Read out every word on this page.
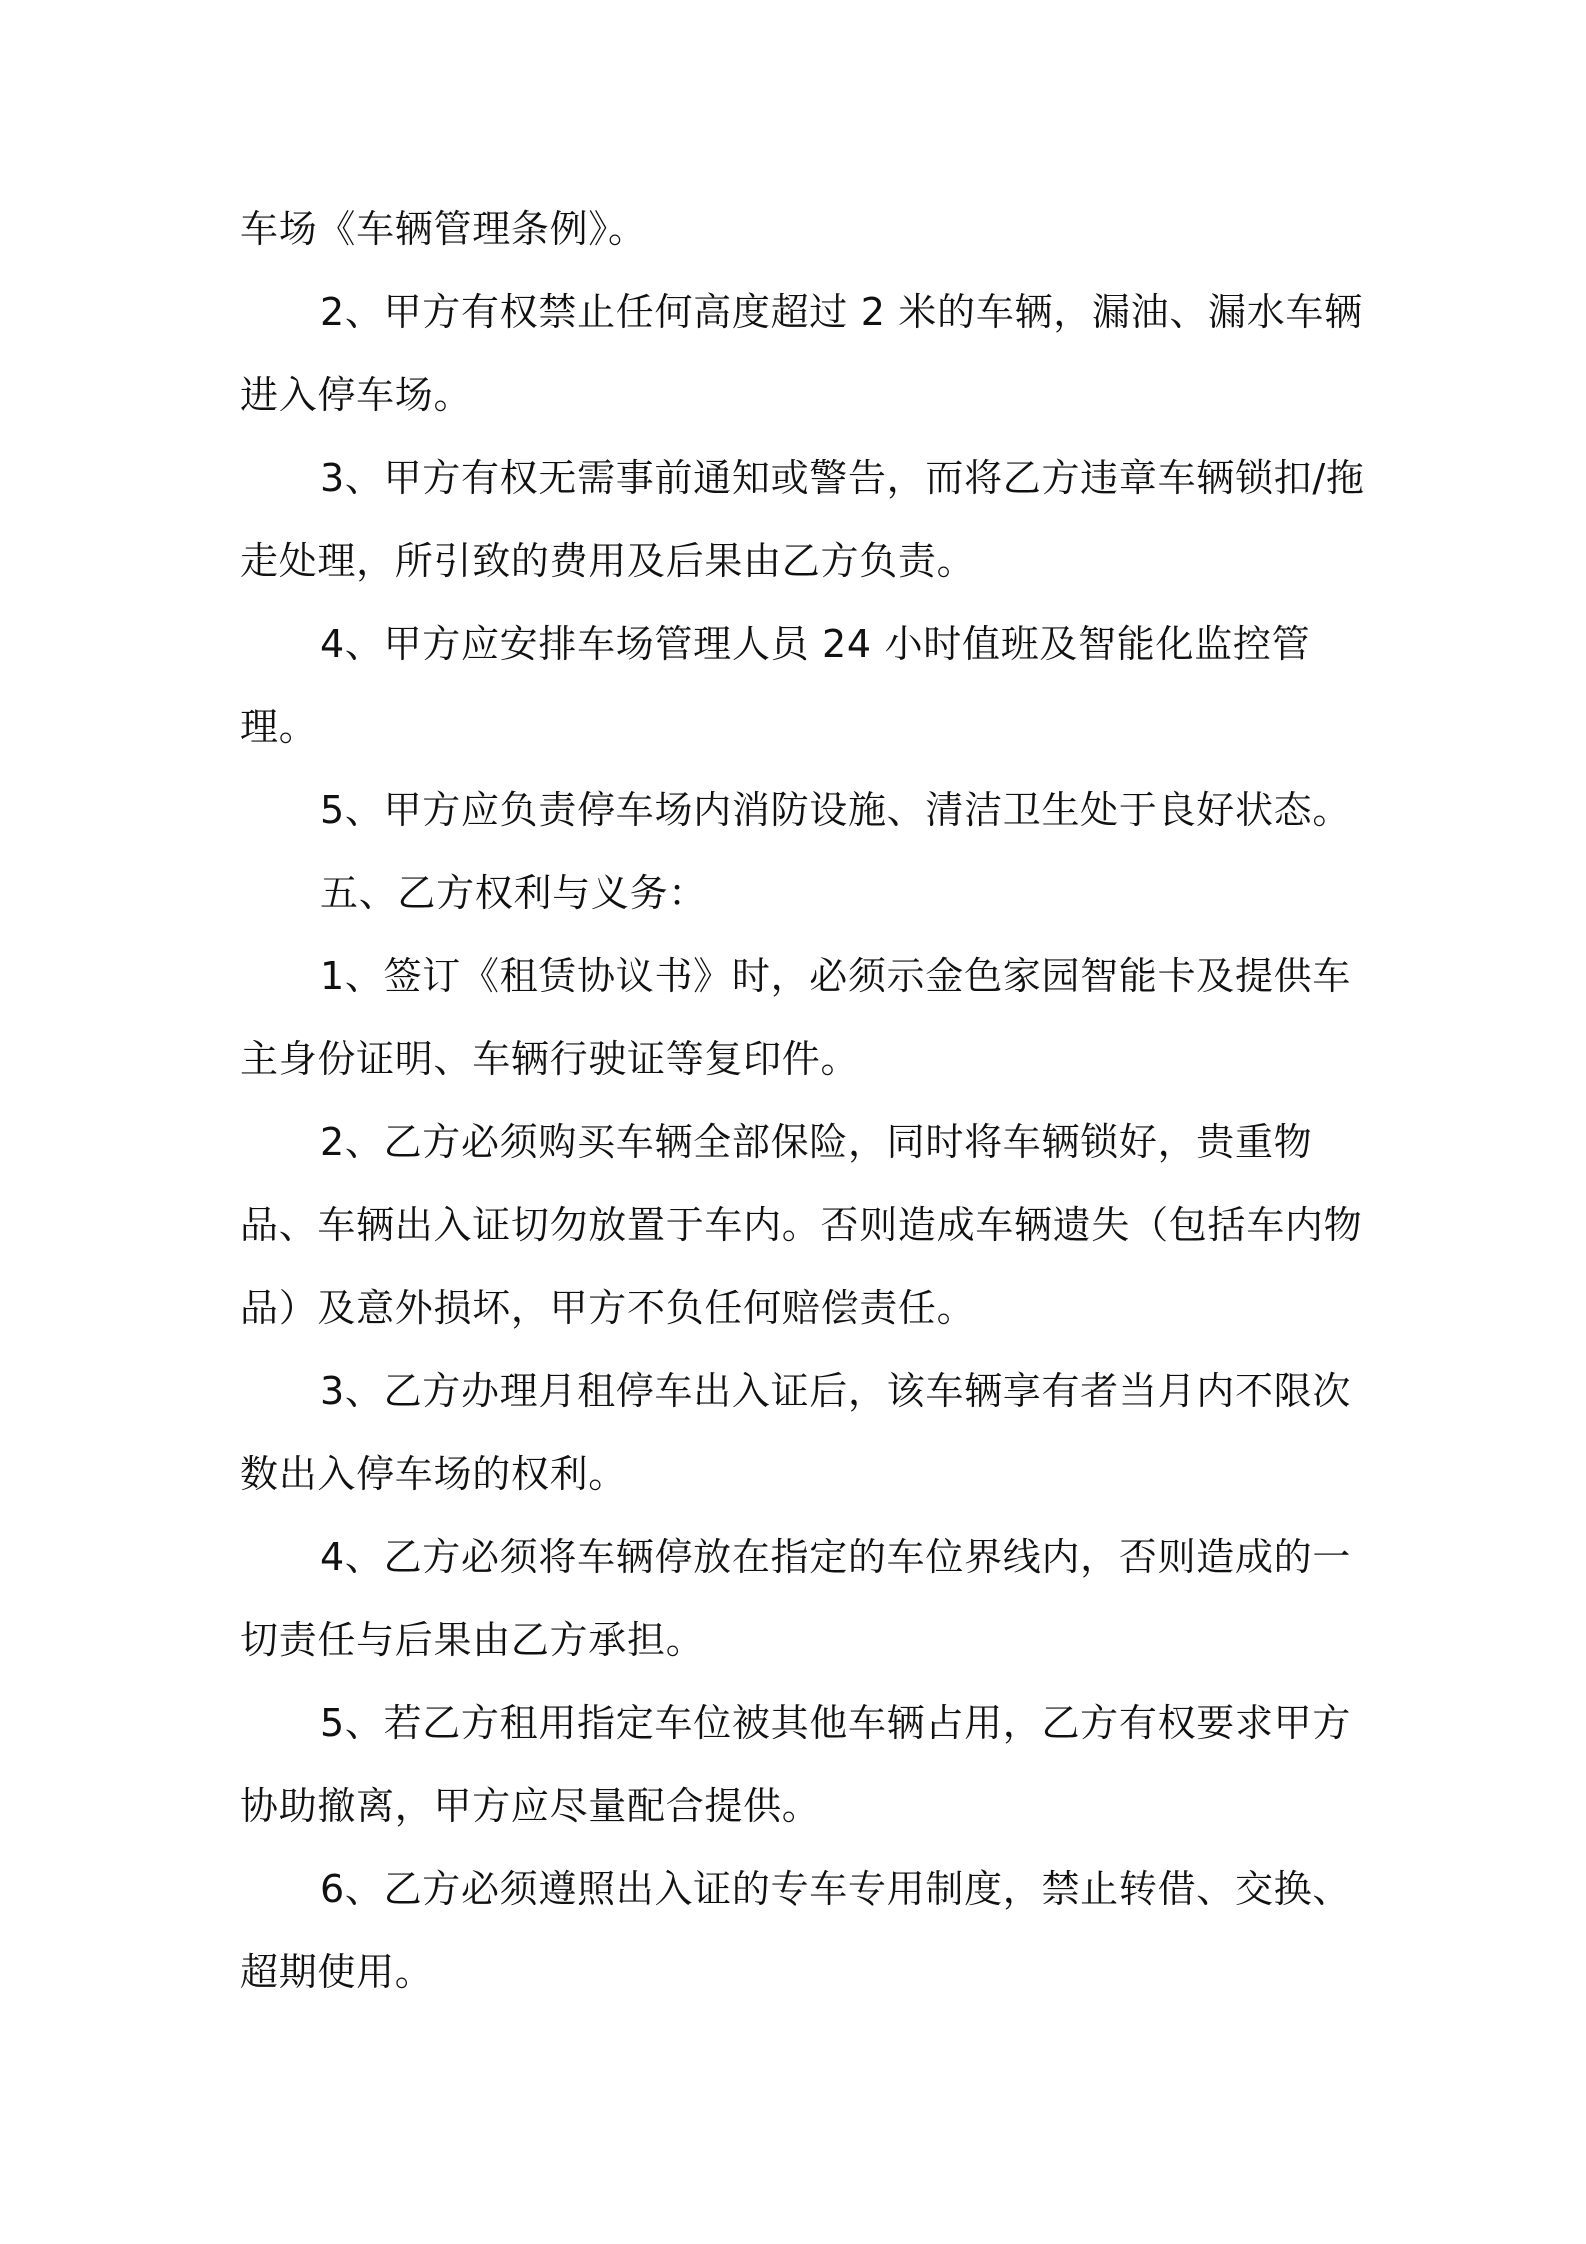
车场《车辆管理条例》。

2、甲方有权禁止任何高度超过 2 米的车辆，漏油、漏水车辆进入停车场。

3、甲方有权无需事前通知或警告，而将乙方违章车辆锁扣/拖走处理，所引致的费用及后果由乙方负责。

4、甲方应安排车场管理人员 24 小时值班及智能化监控管理。

5、甲方应负责停车场内消防设施、清洁卫生处于良好状态。

五、乙方权利与义务：

1、签订《租赁协议书》时，必须示金色家园智能卡及提供车主身份证明、车辆行驶证等复印件。

2、乙方必须购买车辆全部保险，同时将车辆锁好，贵重物品、车辆出入证切勿放置于车内。否则造成车辆遗失（包括车内物品）及意外损坏，甲方不负任何赔偿责任。

3、乙方办理月租停车出入证后，该车辆享有者当月内不限次数出入停车场的权利。

4、乙方必须将车辆停放在指定的车位界线内，否则造成的一切责任与后果由乙方承担。

5、若乙方租用指定车位被其他车辆占用，乙方有权要求甲方协助撤离，甲方应尽量配合提供。

6、乙方必须遵照出入证的专车专用制度，禁止转借、交换、超期使用。
